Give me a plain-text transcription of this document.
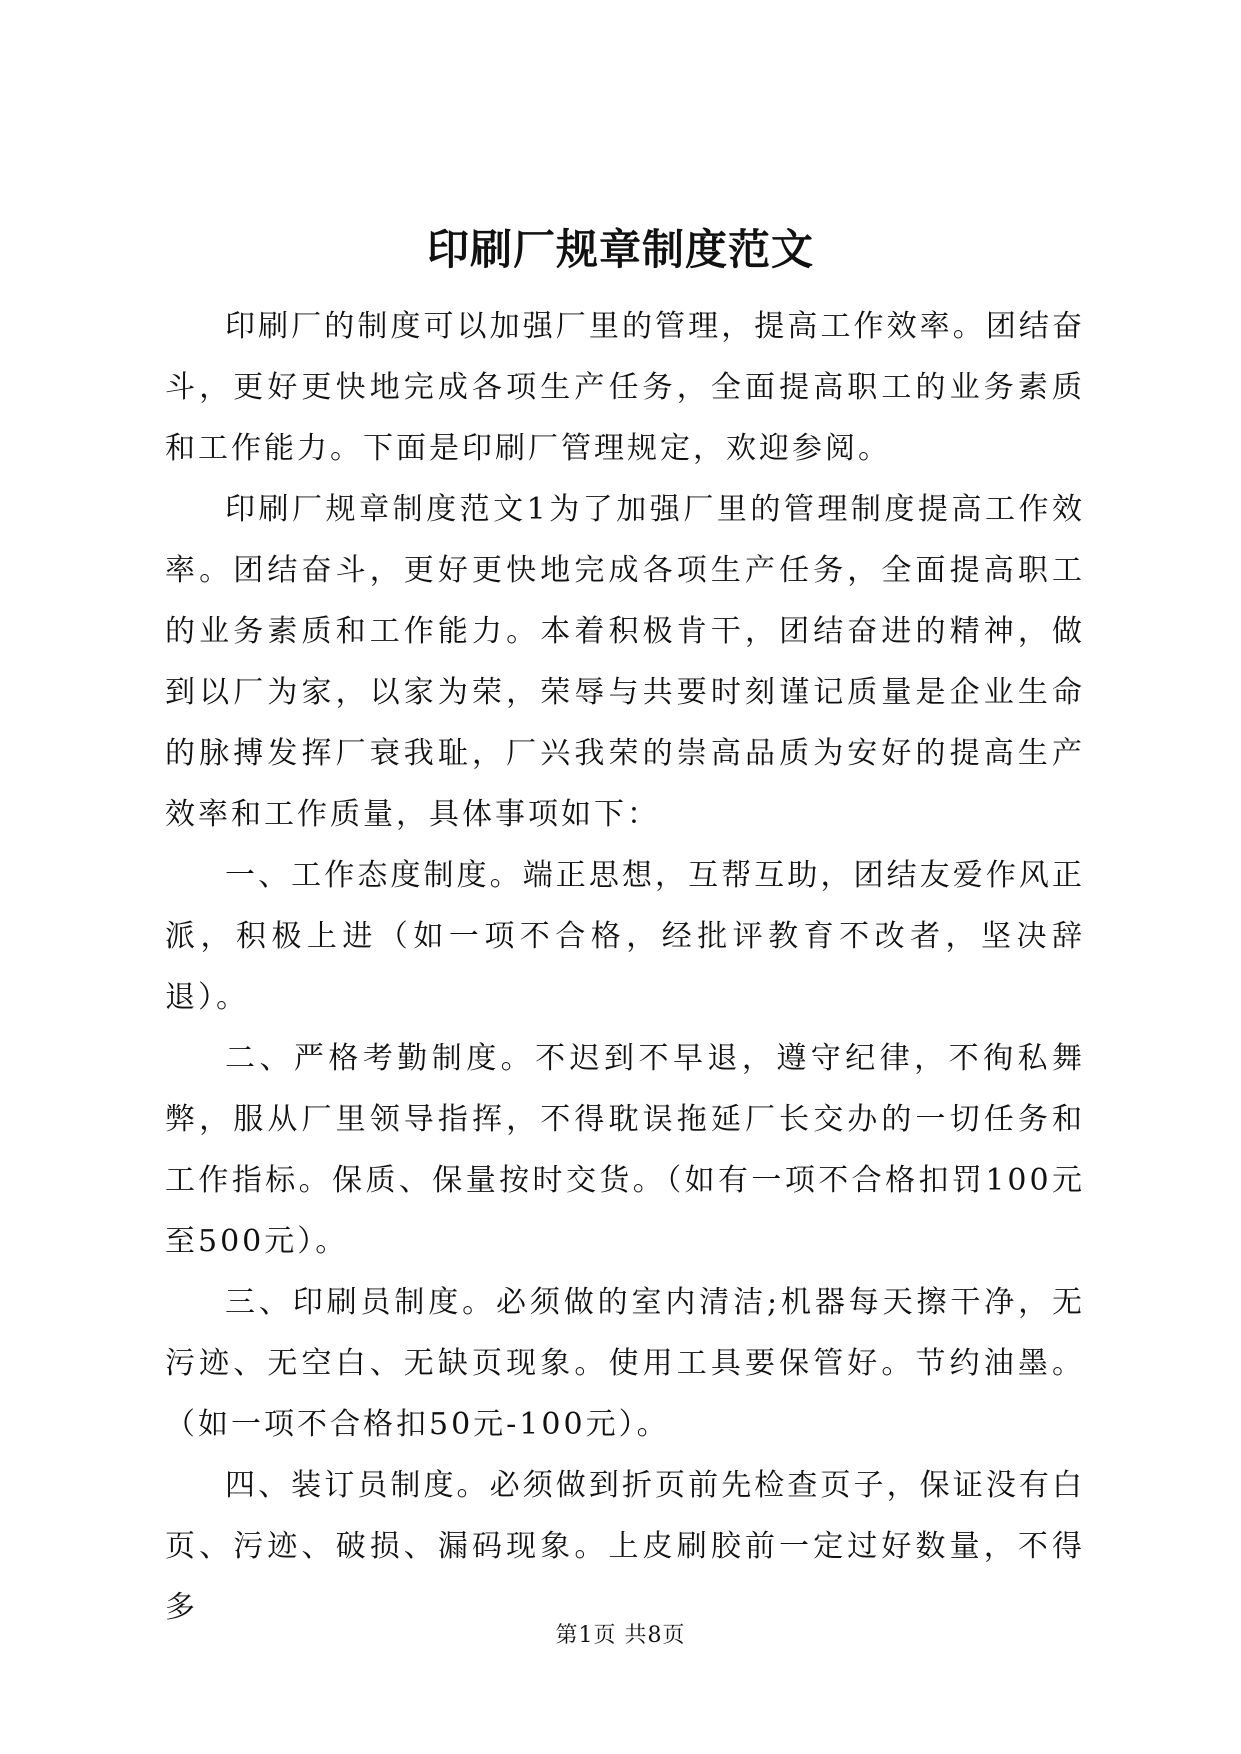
印刷厂规章制度范文

印刷厂的制度可以加强厂里的管理，提高工作效率。团结奋斗，更好更快地完成各项生产任务，全面提高职工的业务素质和工作能力。下面是印刷厂管理规定，欢迎参阅。

印刷厂规章制度范文1为了加强厂里的管理制度提高工作效率。团结奋斗，更好更快地完成各项生产任务，全面提高职工的业务素质和工作能力。本着积极肯干，团结奋进的精神，做到以厂为家，以家为荣，荣辱与共要时刻谨记质量是企业生命的脉搏发挥厂衰我耻，厂兴我荣的崇高品质为安好的提高生产效率和工作质量，具体事项如下：

一、工作态度制度。端正思想，互帮互助，团结友爱作风正派，积极上进（如一项不合格，经批评教育不改者，坚决辞退）。

二、严格考勤制度。不迟到不早退，遵守纪律，不徇私舞弊，服从厂里领导指挥，不得耽误拖延厂长交办的一切任务和工作指标。保质、保量按时交货。（如有一项不合格扣罚100元至500元）。

三、印刷员制度。必须做的室内清洁;机器每天擦干净，无污迹、无空白、无缺页现象。使用工具要保管好。节约油墨。（如一项不合格扣50元-100元）。

四、装订员制度。必须做到折页前先检查页子，保证没有白页、污迹、破损、漏码现象。上皮刷胶前一定过好数量，不得多

第1页 共8页
